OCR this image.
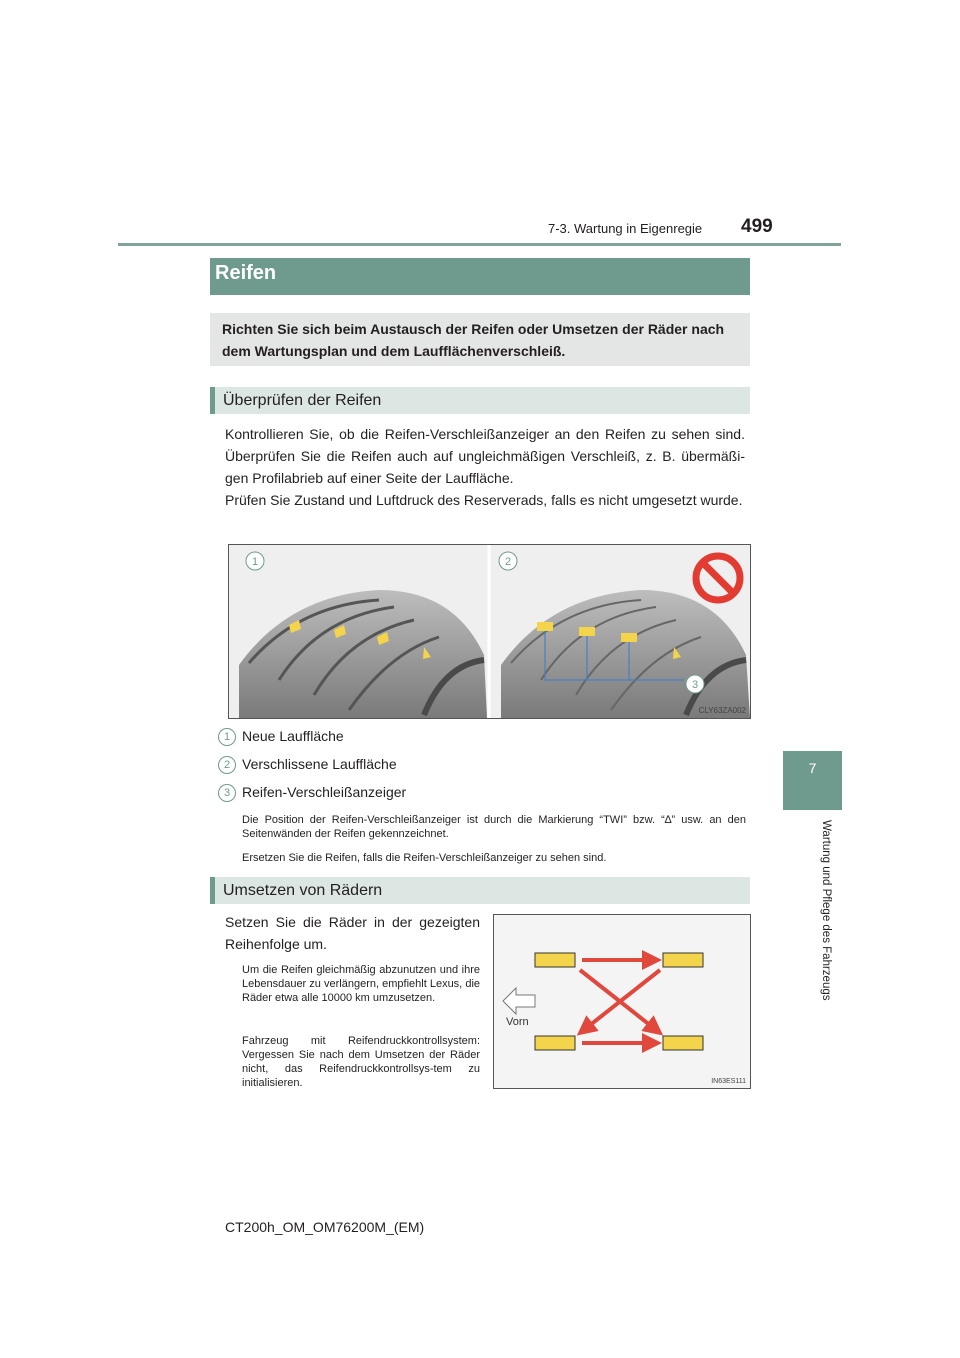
7-3. Wartung in Eigenregie 499
7
Wartung und Pflege des Fahrzeugs
Reifen
Richten Sie sich beim Austausch der Reifen oder Umsetzen der Räder nach dem Wartungsplan und dem Laufflächenverschleiß.
Überprüfen der Reifen
Kontrollieren Sie, ob die Reifen-Verschleißanzeiger an den Reifen zu sehen sind. Überprüfen Sie die Reifen auch auf ungleichmäßigen Verschleiß, z. B. übermäßi-gen Profilabrieb auf einer Seite der Lauffläche.
Prüfen Sie Zustand und Luftdruck des Reserverads, falls es nicht umgesetzt wurde.
1	2
3
CLY63ZA002
1 Neue Lauffläche
2 Verschlissene Lauffläche
3 Reifen-Verschleißanzeiger
Die Position der Reifen-Verschleißanzeiger ist durch die Markierung “TWI” bzw. “∆” usw. an den Seitenwänden der Reifen gekennzeichnet.
Ersetzen Sie die Reifen, falls die Reifen-Verschleißanzeiger zu sehen sind.
Umsetzen von Rädern
Setzen Sie die Räder in der gezeigten Reihenfolge um.
Um die Reifen gleichmäßig abzunutzen und ihre Lebensdauer zu verlängern, empfiehlt Lexus, die Räder etwa alle 10000 km umzusetzen.
Fahrzeug mit Reifendruckkontrollsystem: Vergessen Sie nach dem Umsetzen der Räder nicht, das Reifendruckkontrollsys-tem zu initialisieren.
Vorn
IN63ES111
CT200h_OM_OM76200M_(EM)
